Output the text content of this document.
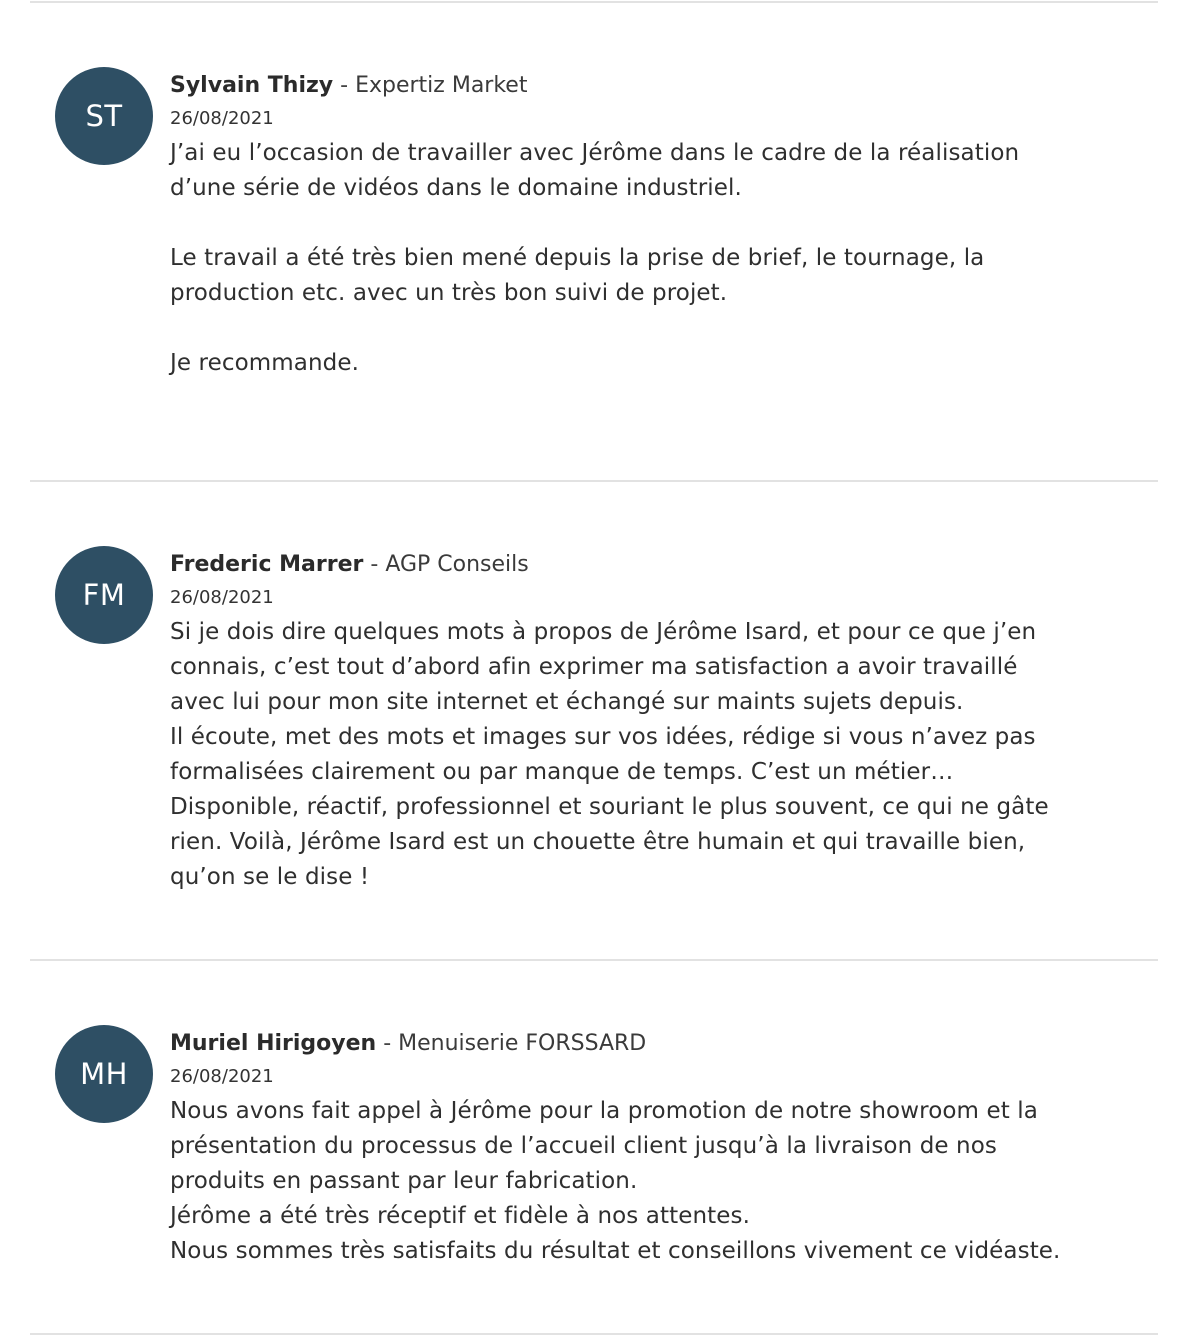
ST
Sylvain Thizy - Expertiz Market
26/08/2021
J’ai eu l’occasion de travailler avec Jérôme dans le cadre de la réalisation
d’une série de vidéos dans le domaine industriel.

Le travail a été très bien mené depuis la prise de brief, le tournage, la
production etc. avec un très bon suivi de projet.

Je recommande.
FM
Frederic Marrer - AGP Conseils
26/08/2021
Si je dois dire quelques mots à propos de Jérôme Isard, et pour ce que j’en
connais, c’est tout d’abord afin exprimer ma satisfaction a avoir travaillé
avec lui pour mon site internet et échangé sur maints sujets depuis.
Il écoute, met des mots et images sur vos idées, rédige si vous n’avez pas
formalisées clairement ou par manque de temps. C’est un métier…
Disponible, réactif, professionnel et souriant le plus souvent, ce qui ne gâte
rien. Voilà, Jérôme Isard est un chouette être humain et qui travaille bien,
qu’on se le dise !
MH
Muriel Hirigoyen - Menuiserie FORSSARD
26/08/2021
Nous avons fait appel à Jérôme pour la promotion de notre showroom et la
présentation du processus de l’accueil client jusqu’à la livraison de nos
produits en passant par leur fabrication.
Jérôme a été très réceptif et fidèle à nos attentes.
Nous sommes très satisfaits du résultat et conseillons vivement ce vidéaste.
